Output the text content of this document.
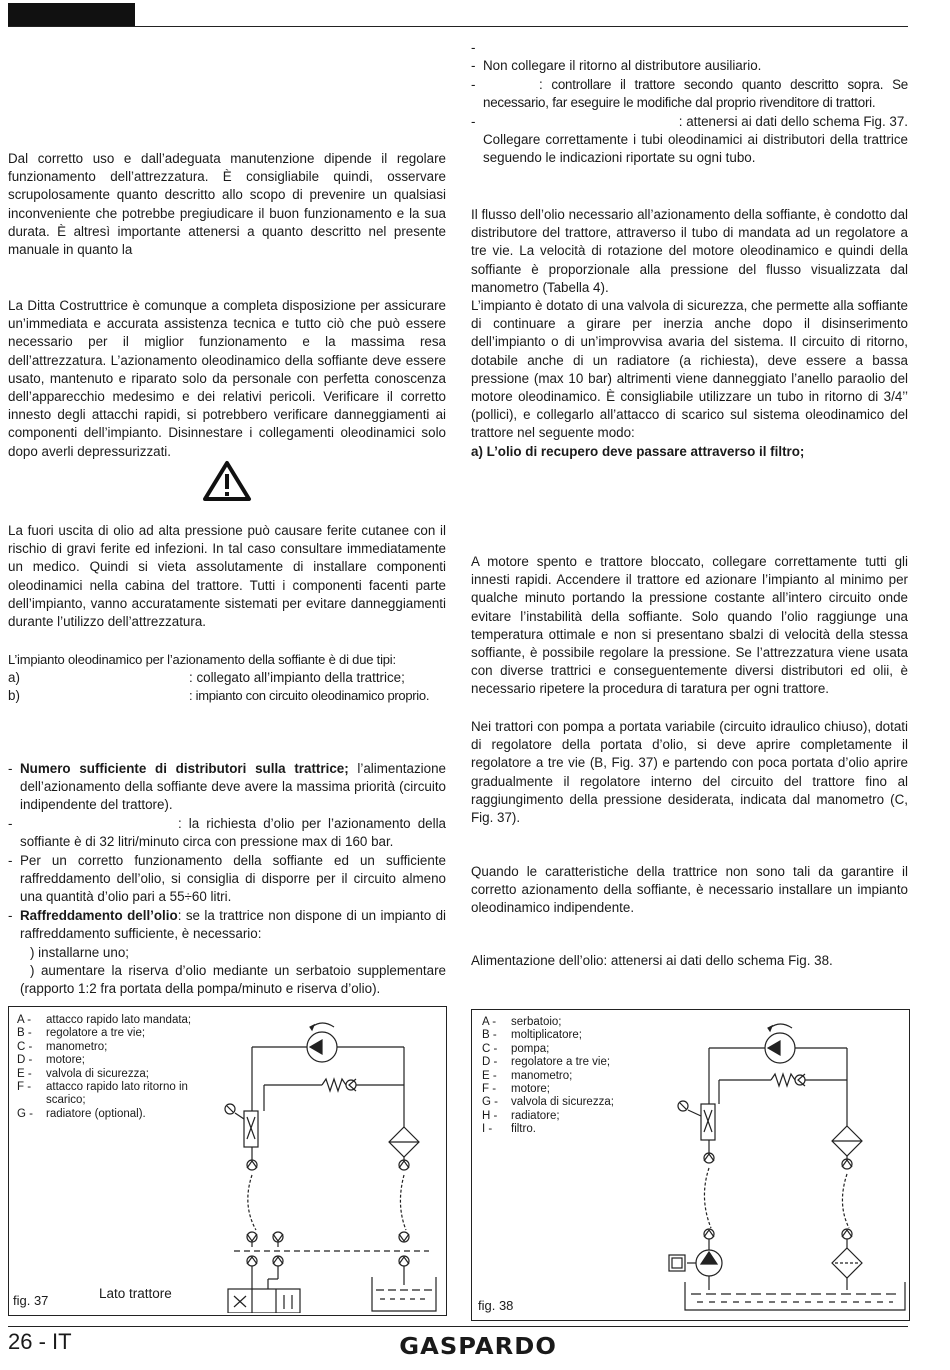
Dal corretto uso e dall’adeguata manutenzione dipende il regolare funzionamento dell’attrezzatura. È consigliabile quindi, osservare scrupolosamente quanto descritto allo scopo di prevenire un qualsiasi inconveniente che potrebbe pregiudicare il buon funzionamento e la sua durata. È altresì importante attenersi a quanto descritto nel presente manuale in quanto la

La Ditta Costruttrice è comunque a completa disposizione per assicurare un’immediata e accurata assistenza tecnica e tutto ciò che può essere necessario per il miglior funzionamento e la massima resa dell’attrezzatura. L’azionamento oleodinamico della soffiante deve essere usato, mantenuto e riparato solo da personale con perfetta conoscenza dell’apparecchio medesimo e dei relativi pericoli. Verificare il corretto innesto degli attacchi rapidi, si potrebbero verificare danneggiamenti ai componenti dell’impianto. Disinnestare i collegamenti oleodinamici solo dopo averli depressurizzati.

La fuori uscita di olio ad alta pressione può causare ferite cutanee con il rischio di gravi ferite ed infezioni. In tal caso consultare immediatamente un medico. Quindi si vieta assolutamente di installare componenti oleodinamici nella cabina del trattore. Tutti i componenti facenti parte dell’impianto, vanno accuratamente sistemati per evitare danneggiamenti durante l’utilizzo dell’attrezzatura.

L’impianto oleodinamico per l’azionamento della soffiante è di due tipi:

a)	: collegato all’impianto della trattrice;
b)	: impianto con circuito oleodinamico proprio.
- Numero sufficiente di distributori sulla trattrice; l’alimentazione dell’azionamento della soffiante deve avere la massima priorità (circuito indipendente del trattore).
-	: la richiesta d’olio per l’azionamento della soffiante è di 32 litri/minuto circa con pressione max di 160 bar.
- Per un corretto funzionamento della soffiante ed un sufficiente raffreddamento dell’olio, si consiglia di disporre per il circuito almeno una quantità d’olio pari a 55÷60 litri.
- Raffreddamento dell’olio: se la trattrice non dispone di un impianto di raffreddamento sufficiente, è necessario:
) installarne uno;
) aumentare la riserva d’olio mediante un serbatoio supplementare (rapporto 1:2 fra portata della pompa/minuto e riserva d’olio).
-
- Non collegare il ritorno al distributore ausiliario.
-	: controllare il trattore secondo quanto descritto sopra. Se necessario, far eseguire le modifiche dal proprio rivenditore di trattori.
-	: attenersi ai dati dello schema Fig. 37.
Collegare correttamente i tubi oleodinamici ai distributori della trattrice seguendo le indicazioni riportate su ogni tubo.

Il flusso dell’olio necessario all’azionamento della soffiante, è condotto dal distributore del trattore, attraverso il tubo di mandata ad un regolatore a tre vie. La velocità di rotazione del motore oleodinamico e quindi della soffiante è proporzionale alla pressione del flusso visualizzata dal manometro (Tabella 4).

L’impianto è dotato di una valvola di sicurezza, che permette alla soffiante di continuare a girare per inerzia anche dopo il disinserimento dell’impianto o di un’improvvisa avaria del sistema. Il circuito di ritorno, dotabile anche di un radiatore (a richiesta), deve essere a bassa pressione (max 10 bar) altrimenti viene danneggiato l’anello paraolio del motore oleodinamico. È consigliabile utilizzare un tubo in ritorno di 3/4’’ (pollici), e collegarlo all’attacco di scarico sul sistema oleodinamico del trattore nel seguente modo:

a) L’olio di recupero deve passare attraverso il filtro;

A motore spento e trattore bloccato, collegare correttamente tutti gli innesti rapidi. Accendere il trattore ed azionare l’impianto al minimo per qualche minuto portando la pressione costante all’intero circuito onde evitare l’instabilità della soffiante. Solo quando l’olio raggiunge una temperatura ottimale e non si presentano sbalzi di velocità della stessa soffiante, è possibile regolare la pressione. Se l’attrezzatura viene usata con diverse trattrici e conseguentemente diversi distributori ed olii, è necessario ripetere la procedura di taratura per ogni trattore.

Nei trattori con pompa a portata variabile (circuito idraulico chiuso), dotati di regolatore della portata d’olio, si deve aprire completamente il regolatore a tre vie (B, Fig. 37) e partendo con poca portata d’olio aprire gradualmente il regolatore interno del circuito del trattore fino al raggiungimento della pressione desiderata, indicata dal manometro (C, Fig. 37).

Quando le caratteristiche della trattrice non sono tali da garantire il corretto azionamento della soffiante, è necessario installare un impianto oleodinamico indipendente.

Alimentazione dell’olio: attenersi ai dati dello schema Fig. 38.

A -	attacco rapido lato mandata;
B -	regolatore a tre vie;
C -	manometro;
D -	motore;
E -	valvola di sicurezza;
F -	attacco rapido lato ritorno in scarico;
G -	radiatore (optional).
fig. 37	Lato trattore
A -	serbatoio;
B -	moltiplicatore;
C -	pompa;
D -	regolatore a tre vie;
E -	manometro;
F -	motore;
G -	valvola di sicurezza;
H -	radiatore;
I -	filtro.
fig. 38
26 - IT	GASPARDO
